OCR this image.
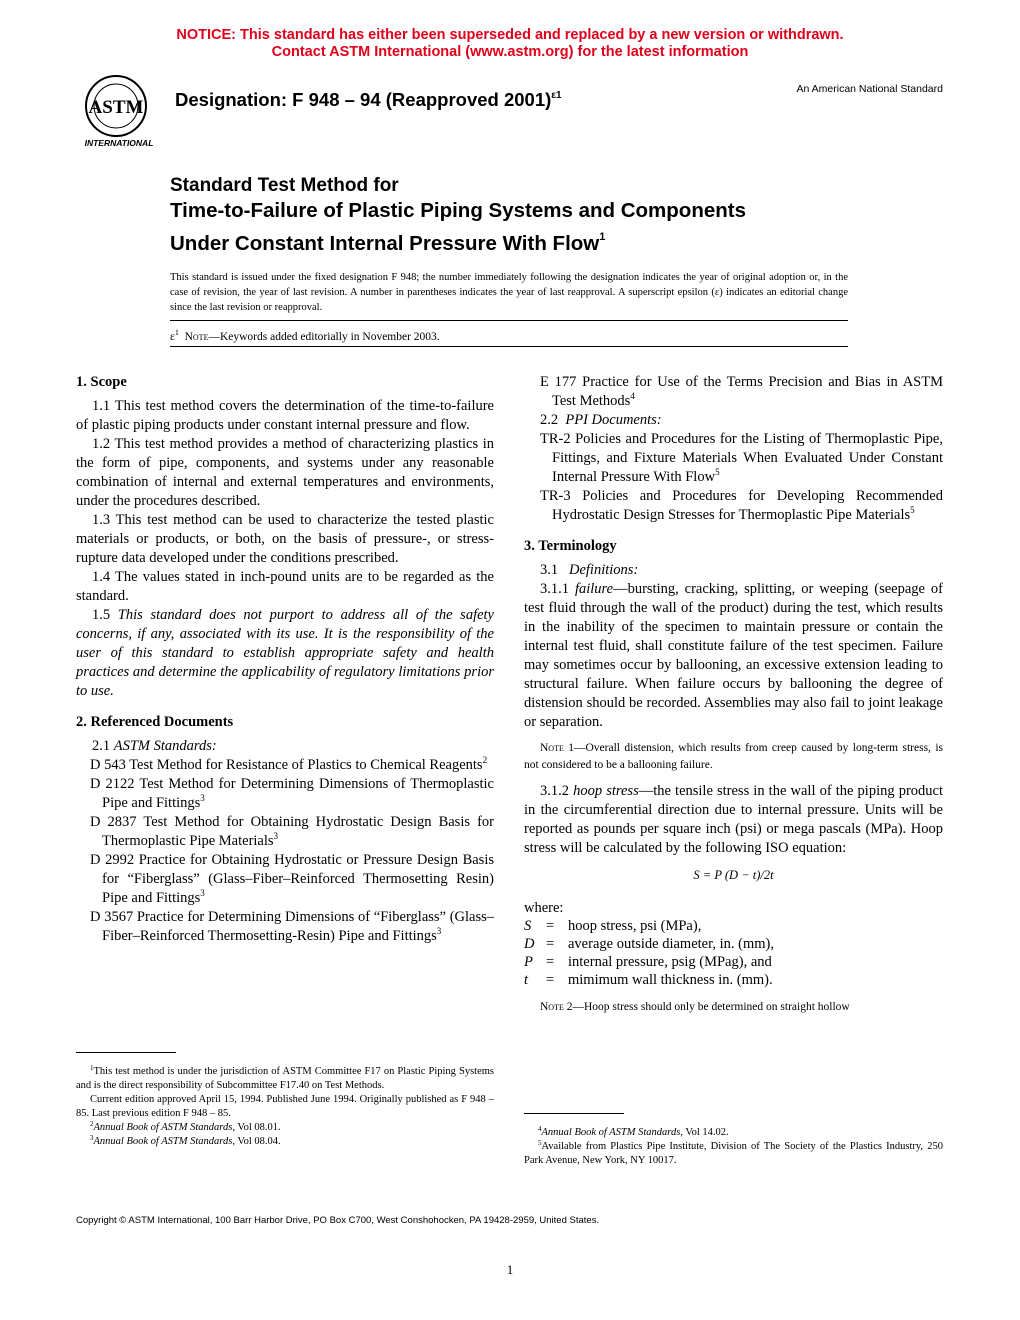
NOTICE: This standard has either been superseded and replaced by a new version or withdrawn.
Contact ASTM International (www.astm.org) for the latest information
ASTM
INTERNATIONAL
Designation: F 948 – 94 (Reapproved 2001)$^{\varepsilon 1}$
An American National Standard
Standard Test Method for
Time-to-Failure of Plastic Piping Systems and Components
Under Constant Internal Pressure With Flow$^1$
This standard is issued under the fixed designation F 948; the number immediately following the designation indicates the year of original adoption or, in the case of revision, the year of last revision. A number in parentheses indicates the year of last reapproval. A superscript epsilon (ε) indicates an editorial change since the last revision or reapproval.
$\varepsilon^1$ Note—Keywords added editorially in November 2003.

1. Scope

1.1 This test method covers the determination of the time-to-failure of plastic piping products under constant internal pressure and flow.

1.2 This test method provides a method of characterizing plastics in the form of pipe, components, and systems under any reasonable combination of internal and external temperatures and environments, under the procedures described.

1.3 This test method can be used to characterize the tested plastic materials or products, or both, on the basis of pressure-, or stress-rupture data developed under the conditions prescribed.

1.4 The values stated in inch-pound units are to be regarded as the standard.

1.5 This standard does not purport to address all of the safety concerns, if any, associated with its use. It is the responsibility of the user of this standard to establish appropriate safety and health practices and determine the applicability of regulatory limitations prior to use.

2. Referenced Documents

2.1 ASTM Standards:

D 543 Test Method for Resistance of Plastics to Chemical Reagents$^2$

D 2122 Test Method for Determining Dimensions of Thermoplastic Pipe and Fittings$^3$

D 2837 Test Method for Obtaining Hydrostatic Design Basis for Thermoplastic Pipe Materials$^3$

D 2992 Practice for Obtaining Hydrostatic or Pressure Design Basis for “Fiberglass” (Glass–Fiber–Reinforced Thermosetting Resin) Pipe and Fittings$^3$

D 3567 Practice for Determining Dimensions of “Fiberglass” (Glass–Fiber–Reinforced Thermosetting-Resin) Pipe and Fittings$^3$

E 177 Practice for Use of the Terms Precision and Bias in ASTM Test Methods$^4$

2.2 PPI Documents:

TR-2 Policies and Procedures for the Listing of Thermoplastic Pipe, Fittings, and Fixture Materials When Evaluated Under Constant Internal Pressure With Flow$^5$

TR-3 Policies and Procedures for Developing Recommended Hydrostatic Design Stresses for Thermoplastic Pipe Materials$^5$

3. Terminology

3.1 Definitions:

3.1.1 failure—bursting, cracking, splitting, or weeping (seepage of test fluid through the wall of the product) during the test, which results in the inability of the specimen to maintain pressure or contain the internal test fluid, shall constitute failure of the test specimen. Failure may sometimes occur by ballooning, an excessive extension leading to structural failure. When failure occurs by ballooning the degree of distension should be recorded. Assemblies may also fail to joint leakage or separation.

Note 1—Overall distension, which results from creep caused by long-term stress, is not considered to be a ballooning failure.

3.1.2 hoop stress—the tensile stress in the wall of the piping product in the circumferential direction due to internal pressure. Units will be reported as pounds per square inch (psi) or mega pascals (MPa). Hoop stress will be calculated by the following ISO equation:

S = P (D − t)/2t
where:
S	= hoop stress, psi (MPa),
D = average outside diameter, in. (mm),
P = internal pressure, psig (MPag), and
t	= mimimum wall thickness in. (mm).

Note 2—Hoop stress should only be determined on straight hollow

$^1$This test method is under the jurisdiction of ASTM Committee F17 on Plastic Piping Systems and is the direct responsibility of Subcommittee F17.40 on Test Methods.

Current edition approved April 15, 1994. Published June 1994. Originally published as F 948 – 85. Last previous edition F 948 – 85.

$^2$Annual Book of ASTM Standards, Vol 08.01.

$^3$Annual Book of ASTM Standards, Vol 08.04.

$^4$Annual Book of ASTM Standards, Vol 14.02.

$^5$Available from Plastics Pipe Institute, Division of The Society of the Plastics Industry, 250 Park Avenue, New York, NY 10017.

Copyright © ASTM International, 100 Barr Harbor Drive, PO Box C700, West Conshohocken, PA 19428-2959, United States.
1
